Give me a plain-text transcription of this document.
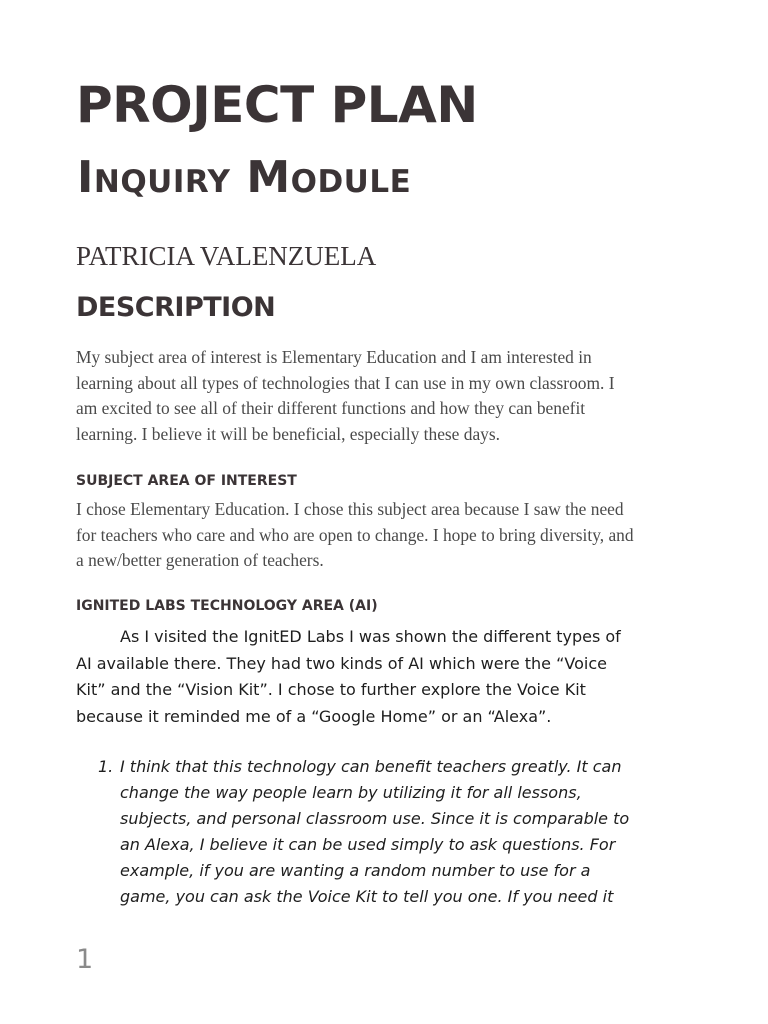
PROJECT PLAN
Inquiry Module

PATRICIA VALENZUELA

DESCRIPTION

My subject area of interest is Elementary Education and I am interested in learning about all types of technologies that I can use in my own classroom. I am excited to see all of their different functions and how they can benefit learning. I believe it will be beneficial, especially these days.

SUBJECT AREA OF INTEREST

I chose Elementary Education. I chose this subject area because I saw the need for teachers who care and who are open to change. I hope to bring diversity, and a new/better generation of teachers.

IGNITED LABS TECHNOLOGY AREA (AI)

As I visited the IgnitED Labs I was shown the different types of AI available there. They had two kinds of AI which were the “Voice Kit” and the “Vision Kit”. I chose to further explore the Voice Kit because it reminded me of a “Google Home” or an “Alexa”.

1. I think that this technology can benefit teachers greatly. It can change the way people learn by utilizing it for all lessons, subjects, and personal classroom use. Since it is comparable to an Alexa, I believe it can be used simply to ask questions. For example, if you are wanting a random number to use for a game, you can ask the Voice Kit to tell you one. If you need it

1
